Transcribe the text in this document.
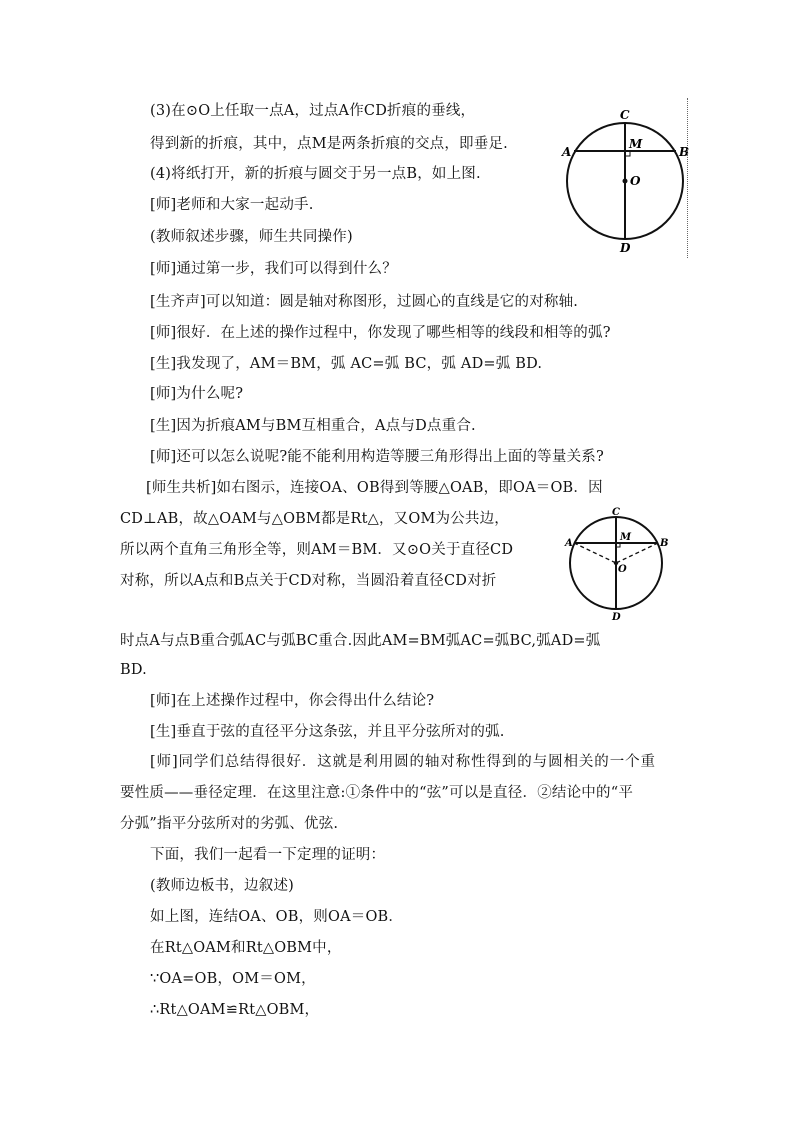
(3)在⊙O上任取一点A，过点A作CD折痕的垂线，
得到新的折痕，其中，点M是两条折痕的交点，即垂足.
(4)将纸打开，新的折痕与圆交于另一点B，如上图.
[师]老师和大家一起动手.
(教师叙述步骤，师生共同操作)
[师]通过第一步，我们可以得到什么？
[生齐声]可以知道：圆是轴对称图形，过圆心的直线是它的对称轴.
[师]很好．在上述的操作过程中，你发现了哪些相等的线段和相等的弧?
[生]我发现了，AM＝BM，弧 AC=弧 BC，弧 AD=弧 BD.
[师]为什么呢?
[生]因为折痕AM与BM互相重合，A点与D点重合.
[师]还可以怎么说呢?能不能利用构造等腰三角形得出上面的等量关系?
[师生共析]如右图示，连接OA、OB得到等腰△OAB，即OA＝OB．因
CD⊥AB，故△OAM与△OBM都是Rt△，又OM为公共边，
所以两个直角三角形全等，则AM＝BM．又⊙O关于直径CD
对称，所以A点和B点关于CD对称，当圆沿着直径CD对折
时点A与点B重合弧AC与弧BC重合.因此AM=BM弧AC=弧BC,弧AD=弧
BD.
[师]在上述操作过程中，你会得出什么结论?
[生]垂直于弦的直径平分这条弦，并且平分弦所对的弧.
[师]同学们总结得很好．这就是利用圆的轴对称性得到的与圆相关的一个重
要性质——垂径定理．在这里注意:①条件中的“弦”可以是直径．②结论中的“平
分弧”指平分弦所对的劣弧、优弦.
下面，我们一起看一下定理的证明：
(教师边板书，边叙述)
如上图，连结OA、OB，则OA＝OB．
在Rt△OAM和Rt△OBM中，
∵OA=OB，OM＝OM，
∴Rt△OAM≌Rt△OBM，
C
M
A	B
O
D
C
M
A	B
O
D
